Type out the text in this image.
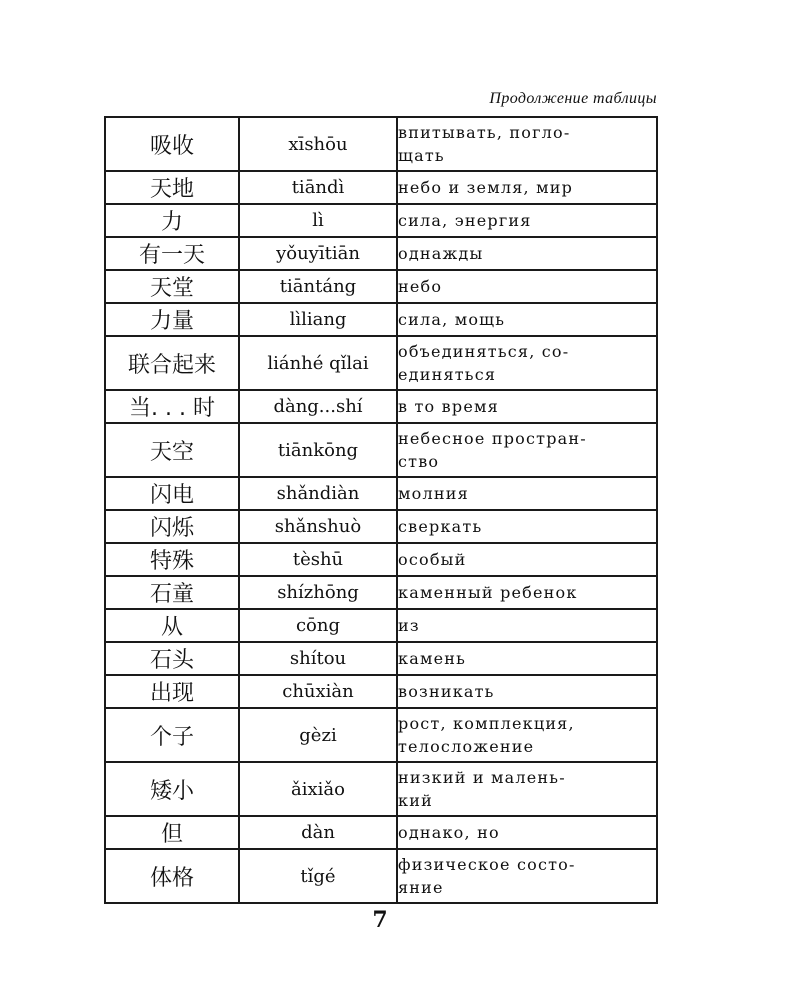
Продолжение таблицы
吸收	xīshōu	впитывать, погло-
щать
天地	tiāndì	небо и земля, мир
力	lì	сила, энергия
有一天	yǒuyītiān	однажды
天堂	tiāntáng	небо
力量	lìliang	сила, мощь
联合起来	liánhé qǐlai	объединяться, со-
единяться
当. . . 时	dàng...shí	в то время
天空	tiānkōng	небесное простран-
ство
闪电	shǎndiàn	молния
闪烁	shǎnshuò	сверкать
特殊	tèshū	особый
石童	shízhōng	каменный ребенок
从	cōng	из
石头	shítou	камень
出现	chūxiàn	возникать
个子	gèzi	рост, комплекция,
телосложение
矮小	ǎixiǎo	низкий и малень-
кий
但	dàn	однако, но
体格	tǐgé	физическое состо-
яние
7
